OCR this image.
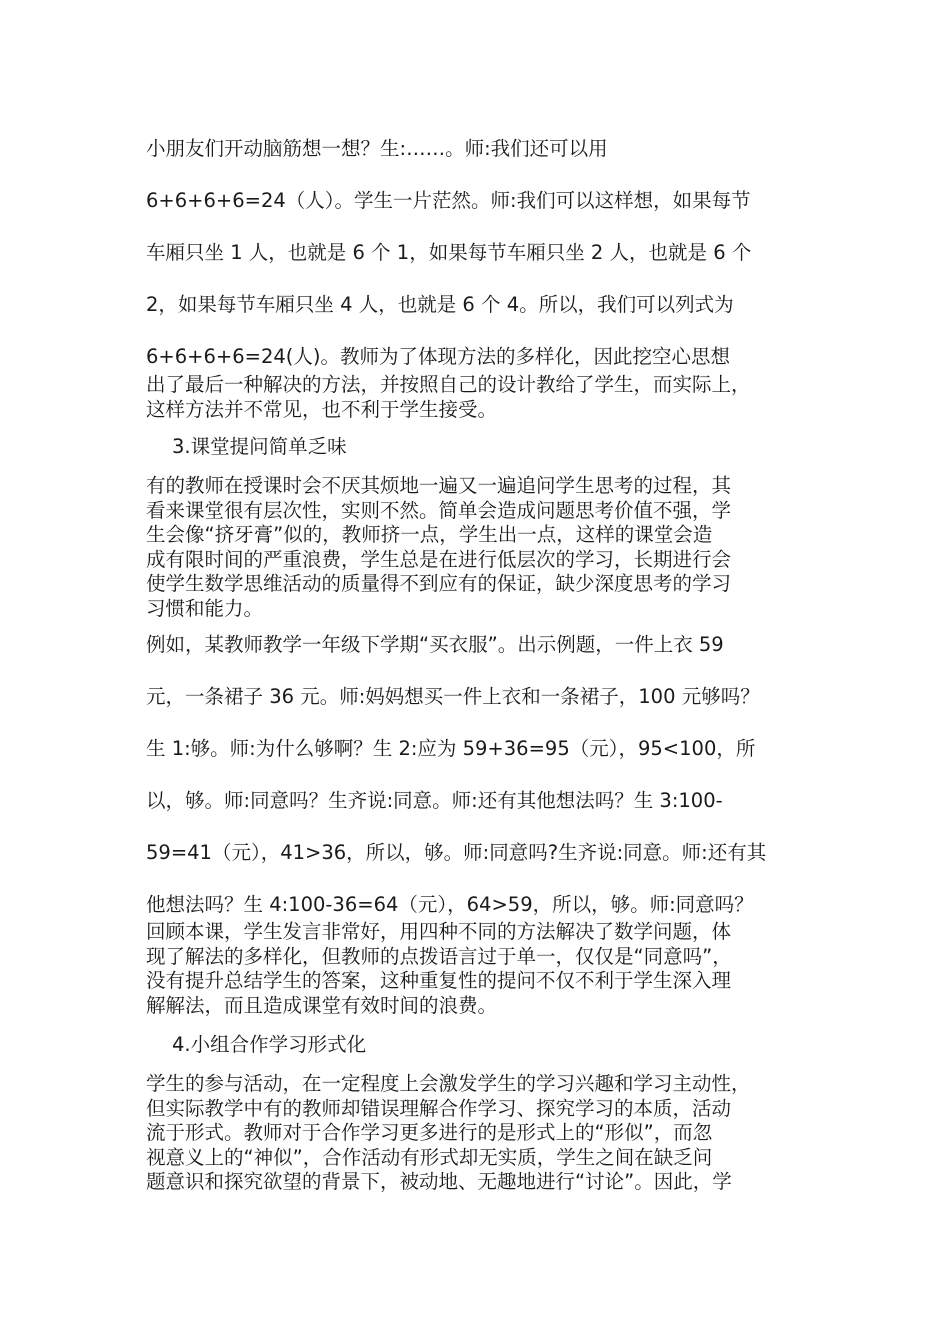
小朋友们开动脑筋想一想？生:……。师:我们还可以用
6+6+6+6=24（人）。学生一片茫然。师:我们可以这样想，如果每节
车厢只坐 1 人，也就是 6 个 1，如果每节车厢只坐 2 人，也就是 6 个
2，如果每节车厢只坐 4 人，也就是 6 个 4。所以，我们可以列式为
6+6+6+6=24(人)。教师为了体现方法的多样化，因此挖空心思想
出了最后一种解决的方法，并按照自己的设计教给了学生，而实际上，
这样方法并不常见，也不利于学生接受。
3.课堂提问简单乏味
有的教师在授课时会不厌其烦地一遍又一遍追问学生思考的过程，其
看来课堂很有层次性，实则不然。简单会造成问题思考价值不强，学
生会像“挤牙膏”似的，教师挤一点，学生出一点，这样的课堂会造
成有限时间的严重浪费，学生总是在进行低层次的学习，长期进行会
使学生数学思维活动的质量得不到应有的保证，缺少深度思考的学习
习惯和能力。
例如，某教师教学一年级下学期“买衣服”。出示例题，一件上衣 59
元，一条裙子 36 元。师:妈妈想买一件上衣和一条裙子，100 元够吗？
生 1:够。师:为什么够啊？生 2:应为 59+36=95（元），95<100，所
以，够。师:同意吗？生齐说:同意。师:还有其他想法吗？生 3:100-
59=41（元），41>36，所以，够。师:同意吗?生齐说:同意。师:还有其
他想法吗？生 4:100-36=64（元），64>59，所以，够。师:同意吗？
回顾本课，学生发言非常好，用四种不同的方法解决了数学问题，体
现了解法的多样化，但教师的点拨语言过于单一，仅仅是“同意吗”，
没有提升总结学生的答案，这种重复性的提问不仅不利于学生深入理
解解法，而且造成课堂有效时间的浪费。
4.小组合作学习形式化
学生的参与活动，在一定程度上会激发学生的学习兴趣和学习主动性，
但实际教学中有的教师却错误理解合作学习、探究学习的本质，活动
流于形式。教师对于合作学习更多进行的是形式上的“形似”，而忽
视意义上的“神似”，合作活动有形式却无实质，学生之间在缺乏问
题意识和探究欲望的背景下，被动地、无趣地进行“讨论”。因此，学
